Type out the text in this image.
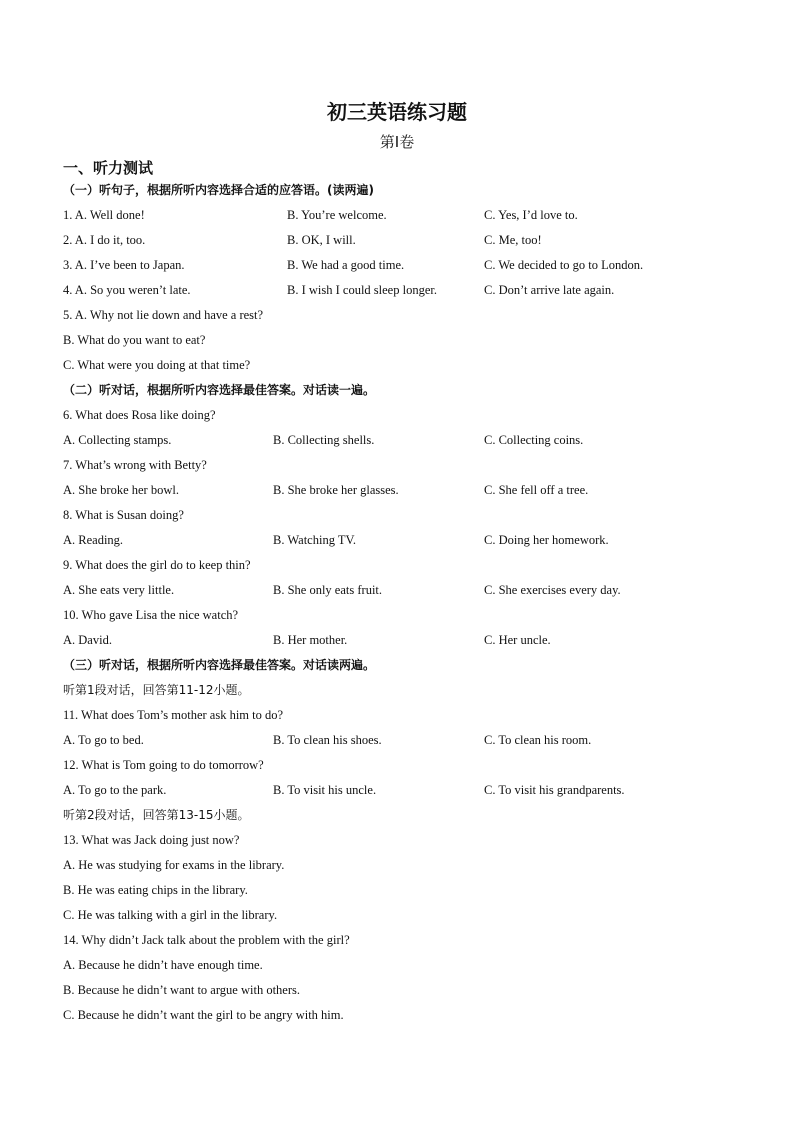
初三英语练习题
第Ⅰ卷
一、听力测试
（一）听句子，根据所听内容选择合适的应答语。(读两遍)
1. A. Well done!	B. You’re welcome.	C. Yes, I’d love to.
2. A. I do it, too.	B. OK, I will.	C. Me, too!
3. A. I’ve been to Japan.	B. We had a good time.	C. We decided to go to London.
4. A. So you weren’t late.	B. I wish I could sleep longer.	C. Don’t arrive late again.
5. A. Why not lie down and have a rest?
B. What do you want to eat?
C. What were you doing at that time?
（二）听对话，根据所听内容选择最佳答案。对话读一遍。
6. What does Rosa like doing?
A. Collecting stamps.	B. Collecting shells.	C. Collecting coins.
7. What’s wrong with Betty?
A. She broke her bowl.	B. She broke her glasses.	C. She fell off a tree.
8. What is Susan doing?
A. Reading.	B. Watching TV.	C. Doing her homework.
9. What does the girl do to keep thin?
A. She eats very little.	B. She only eats fruit.	C. She exercises every day.
10. Who gave Lisa the nice watch?
A. David.	B. Her mother.	C. Her uncle.
（三）听对话，根据所听内容选择最佳答案。对话读两遍。
听第1段对话，回答第11-12小题。
11. What does Tom’s mother ask him to do?
A. To go to bed.	B. To clean his shoes.	C. To clean his room.
12. What is Tom going to do tomorrow?
A. To go to the park.	B. To visit his uncle.	C. To visit his grandparents.
听第2段对话，回答第13-15小题。
13. What was Jack doing just now?
A. He was studying for exams in the library.
B. He was eating chips in the library.
C. He was talking with a girl in the library.
14. Why didn’t Jack talk about the problem with the girl?
A. Because he didn’t have enough time.
B. Because he didn’t want to argue with others.
C. Because he didn’t want the girl to be angry with him.
